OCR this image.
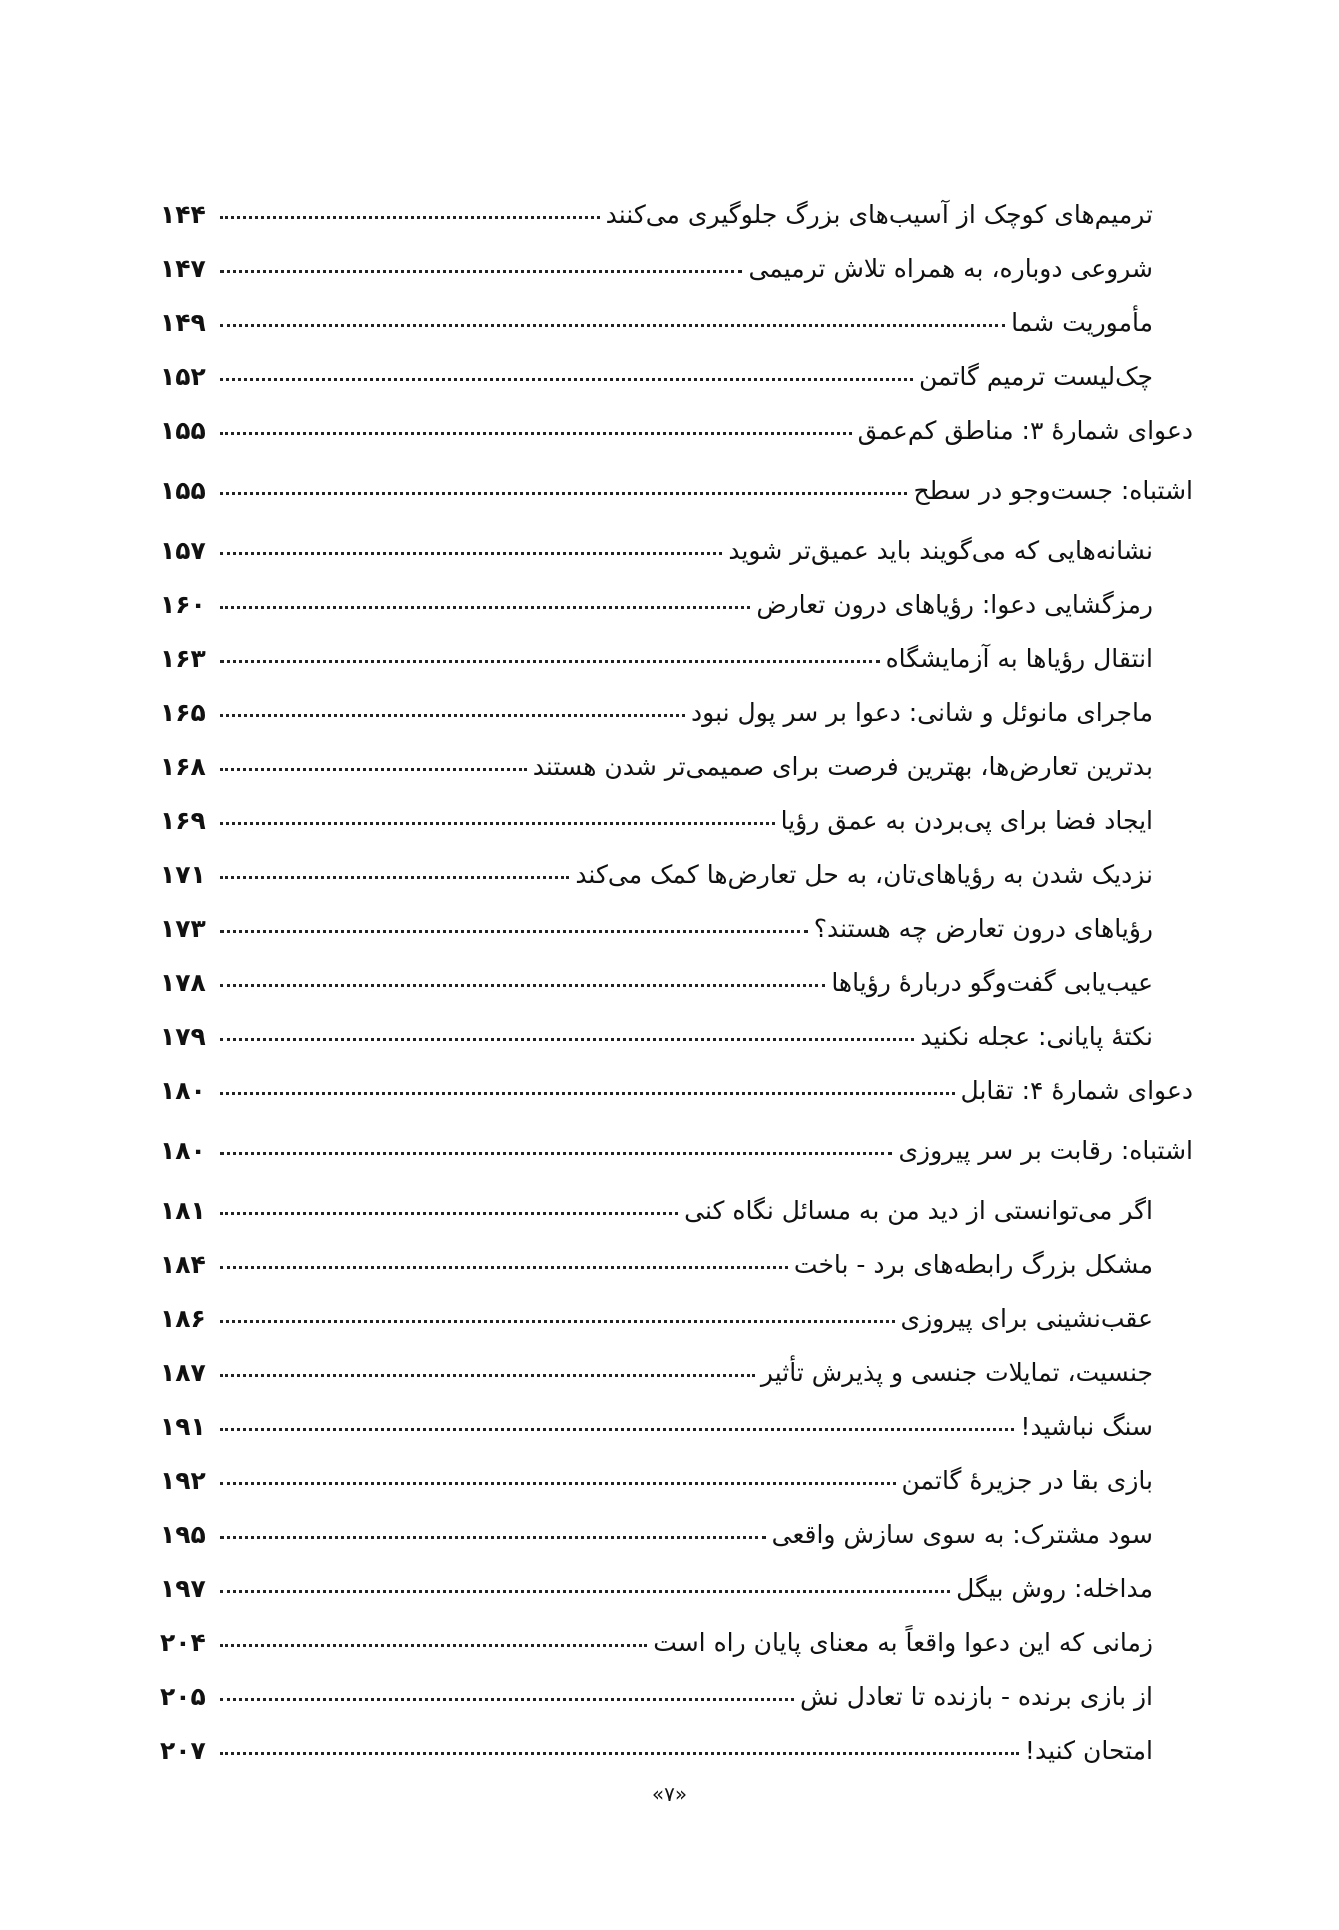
ترمیم‌های کوچک از آسیب‌های بزرگ جلوگیری می‌کنند
۱۴۴
شروعی دوباره، به همراه تلاش ترمیمی
۱۴۷
مأموریت شما
۱۴۹
چک‌لیست ترمیم گاتمن
۱۵۲
دعوای شمارهٔ ۳: مناطق کم‌عمق
۱۵۵
اشتباه: جست‌وجو در سطح
۱۵۵
نشانه‌هایی که می‌گویند باید عمیق‌تر شوید
۱۵۷
رمزگشایی دعوا: رؤیاهای درون تعارض
۱۶۰
انتقال رؤیاها به آزمایشگاه
۱۶۳
ماجرای مانوئل و شانی: دعوا بر سر پول نبود
۱۶۵
بدترین تعارض‌ها، بهترین فرصت برای صمیمی‌تر شدن هستند
۱۶۸
ایجاد فضا برای پی‌بردن به عمق رؤیا
۱۶۹
نزدیک شدن به رؤیاهای‌تان، به حل تعارض‌ها کمک می‌کند
۱۷۱
رؤیاهای درون تعارض چه هستند؟
۱۷۳
عیب‌یابی گفت‌وگو دربارهٔ رؤیاها
۱۷۸
نکتهٔ پایانی: عجله نکنید
۱۷۹
دعوای شمارهٔ ۴: تقابل
۱۸۰
اشتباه: رقابت بر سر پیروزی
۱۸۰
اگر می‌توانستی از دید من به مسائل نگاه کنی
۱۸۱
مشکل بزرگ رابطه‌های برد - باخت
۱۸۴
عقب‌نشینی برای پیروزی
۱۸۶
جنسیت، تمایلات جنسی و پذیرش تأثیر
۱۸۷
سنگ نباشید!
۱۹۱
بازی بقا در جزیرهٔ گاتمن
۱۹۲
سود مشترک: به سوی سازش واقعی
۱۹۵
مداخله: روش بیگل
۱۹۷
زمانی که این دعوا واقعاً به معنای پایان راه است
۲۰۴
از بازی برنده - بازنده تا تعادل نش
۲۰۵
امتحان کنید!
۲۰۷
«۷»
